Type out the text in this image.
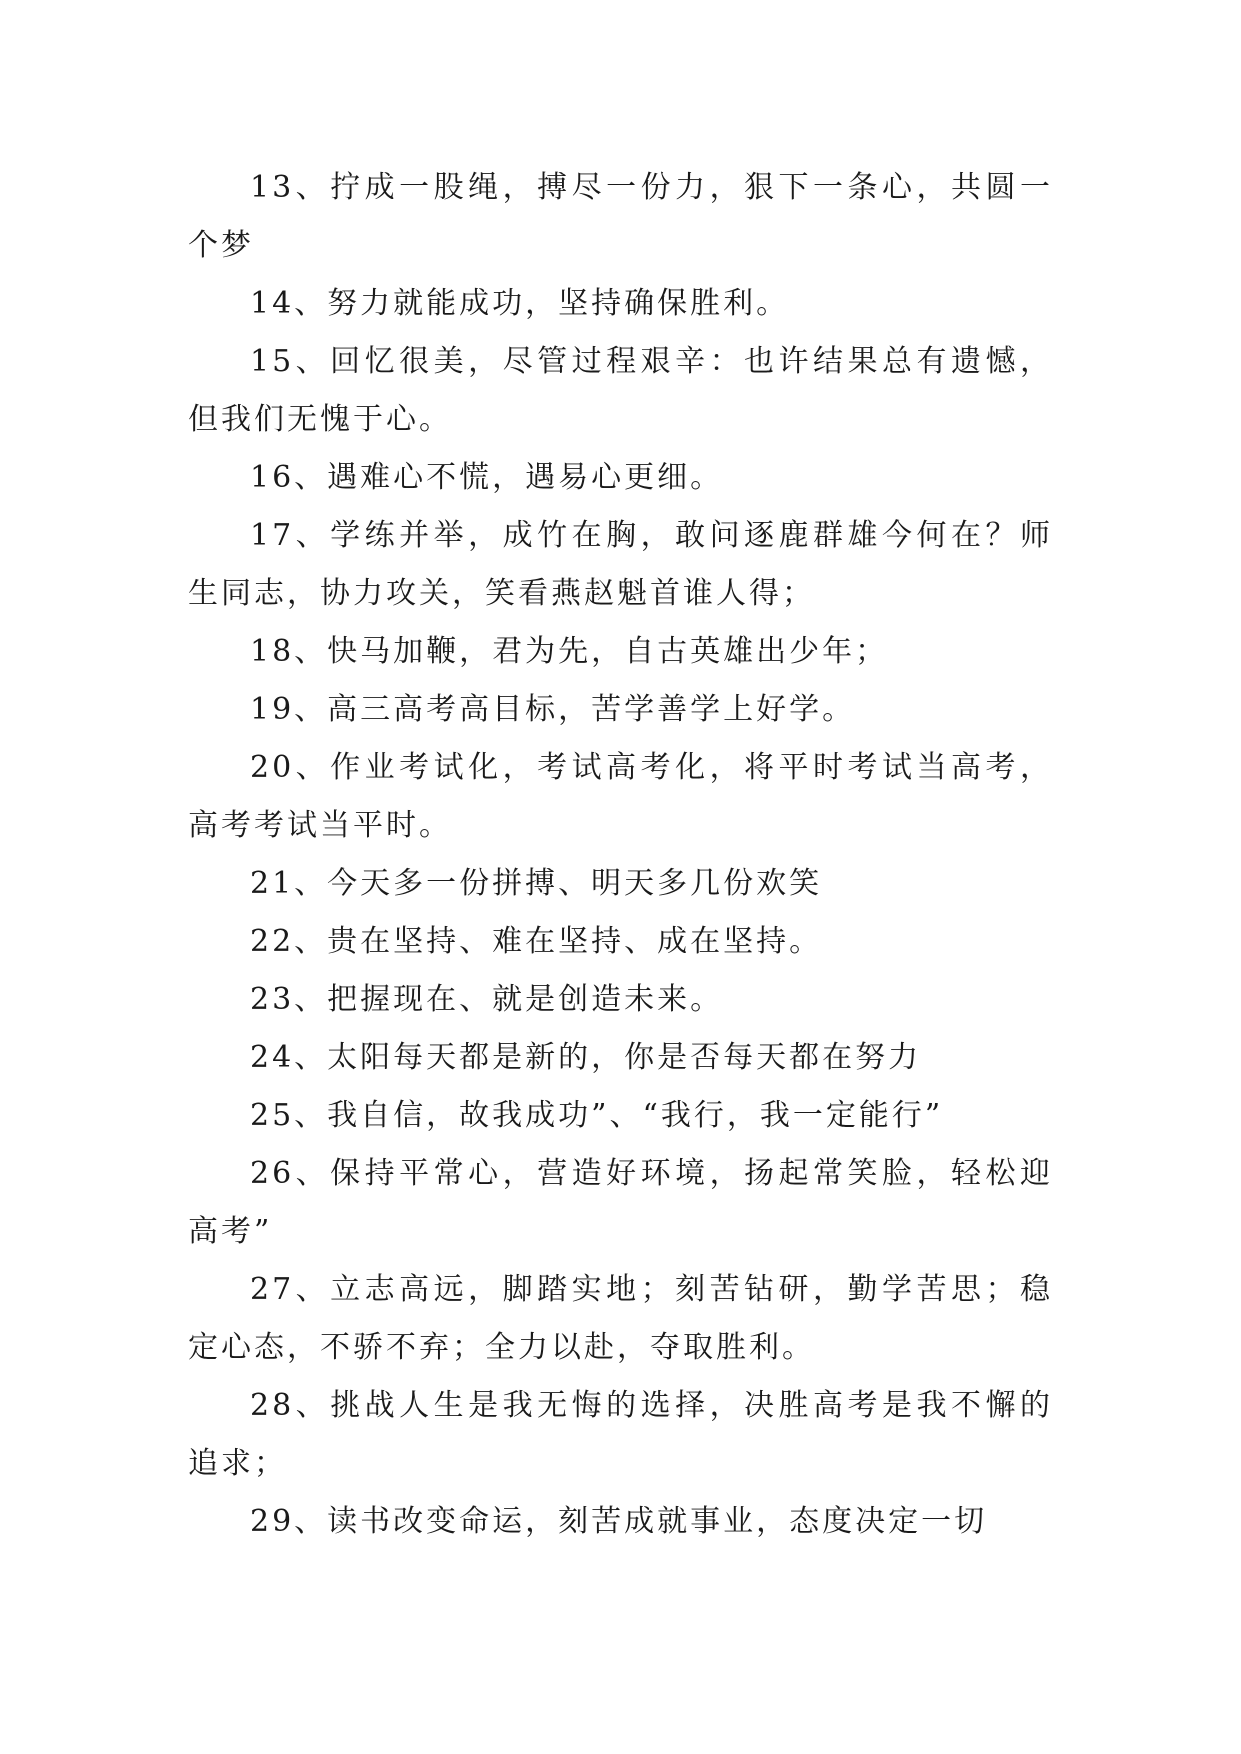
13、拧成一股绳，搏尽一份力，狠下一条心，共圆一个梦

14、努力就能成功，坚持确保胜利。

15、回忆很美，尽管过程艰辛：也许结果总有遗憾，但我们无愧于心。

16、遇难心不慌，遇易心更细。

17、学练并举，成竹在胸，敢问逐鹿群雄今何在？师生同志，协力攻关，笑看燕赵魁首谁人得；

18、快马加鞭，君为先，自古英雄出少年；

19、高三高考高目标，苦学善学上好学。

20、作业考试化，考试高考化，将平时考试当高考，高考考试当平时。

21、今天多一份拼搏、明天多几份欢笑

22、贵在坚持、难在坚持、成在坚持。

23、把握现在、就是创造未来。

24、太阳每天都是新的，你是否每天都在努力

25、我自信，故我成功”、“我行，我一定能行”

26、保持平常心，营造好环境，扬起常笑脸，轻松迎高考”

27、立志高远，脚踏实地；刻苦钻研，勤学苦思；稳定心态，不骄不弃；全力以赴，夺取胜利。

28、挑战人生是我无悔的选择，决胜高考是我不懈的追求；

29、读书改变命运，刻苦成就事业，态度决定一切
